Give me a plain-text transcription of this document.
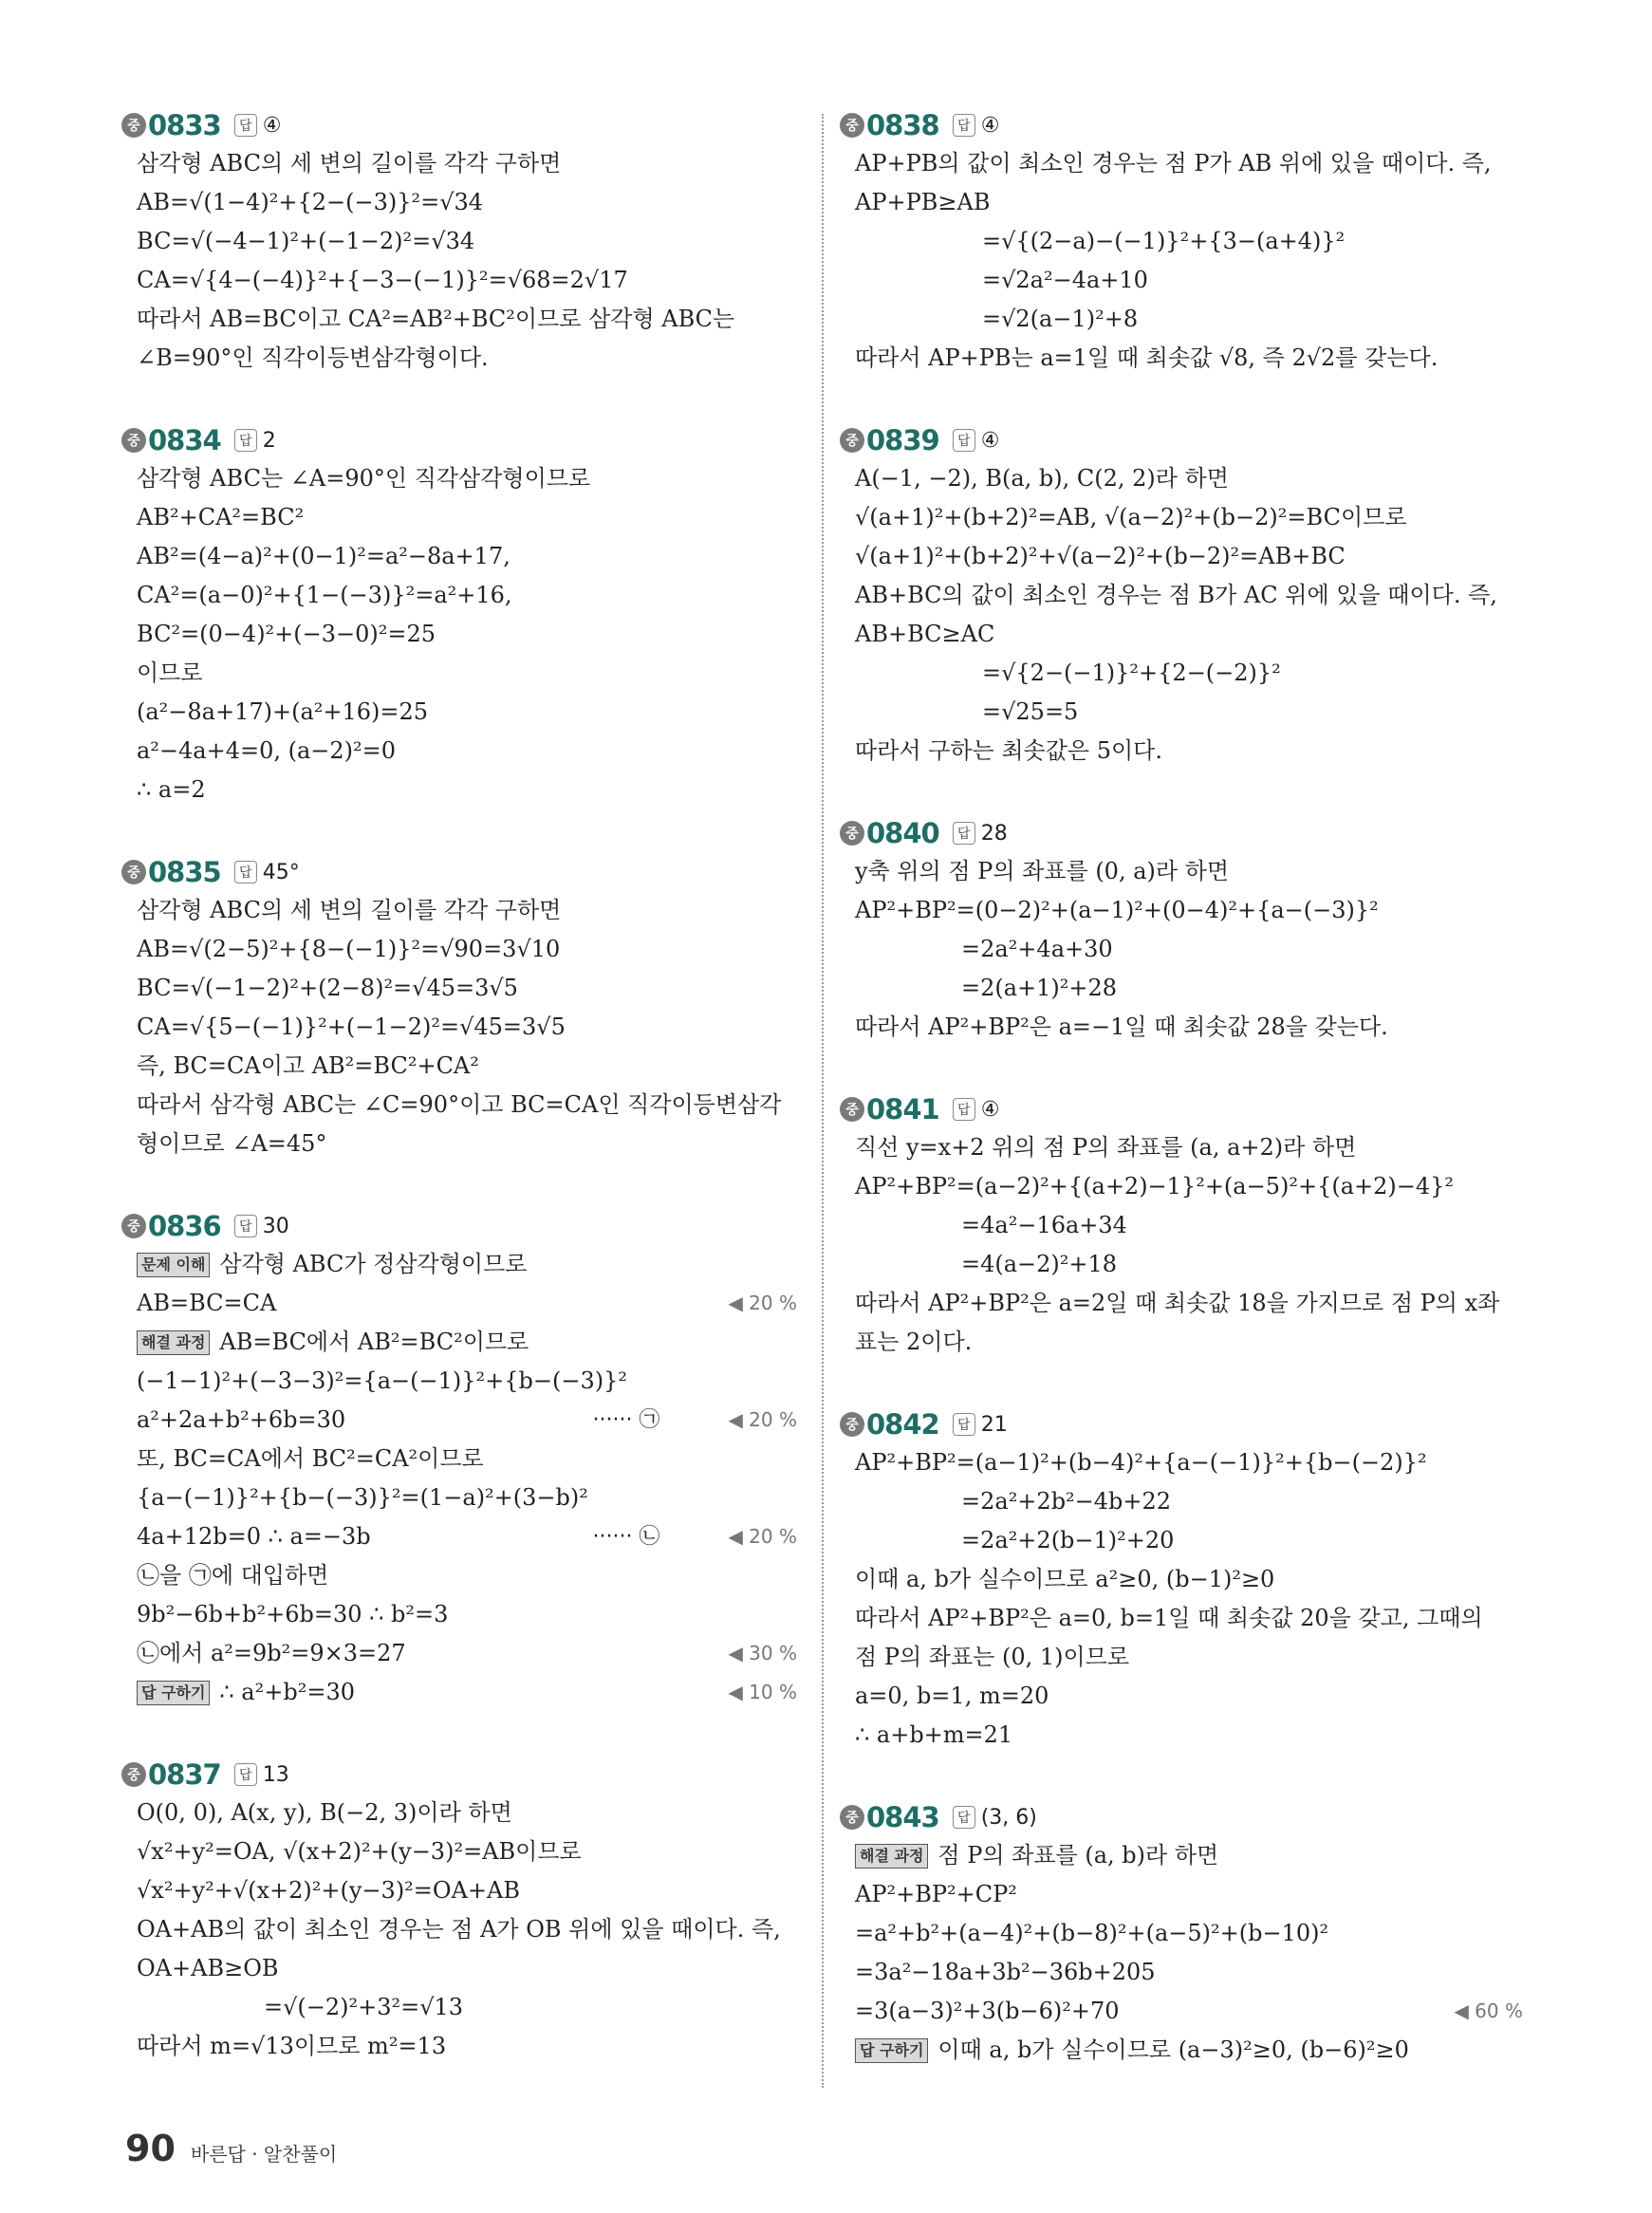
중 0833	답 ④
삼각형 ABC의 세 변의 길이를 각각 구하면
AB=√(1−4)²+{2−(−3)}²=√34
BC=√(−4−1)²+(−1−2)²=√34
CA=√{4−(−4)}²+{−3−(−1)}²=√68=2√17
따라서 AB=BC이고 CA²=AB²+BC²이므로 삼각형 ABC는
∠B=90°인 직각이등변삼각형이다.
중 0834	답 2
삼각형 ABC는 ∠A=90°인 직각삼각형이므로
AB²+CA²=BC²
AB²=(4−a)²+(0−1)²=a²−8a+17,
CA²=(a−0)²+{1−(−3)}²=a²+16,
BC²=(0−4)²+(−3−0)²=25
이므로
(a²−8a+17)+(a²+16)=25
a²−4a+4=0, (a−2)²=0
∴ a=2
중 0835	답 45°
삼각형 ABC의 세 변의 길이를 각각 구하면
AB=√(2−5)²+{8−(−1)}²=√90=3√10
BC=√(−1−2)²+(2−8)²=√45=3√5
CA=√{5−(−1)}²+(−1−2)²=√45=3√5
즉, BC=CA이고 AB²=BC²+CA²
따라서 삼각형 ABC는 ∠C=90°이고 BC=CA인 직각이등변삼각
형이므로 ∠A=45°
중 0836	답 30
문제 이해 삼각형 ABC가 정삼각형이므로
AB=BC=CA	◀ 20 %
해결 과정 AB=BC에서 AB²=BC²이므로
(−1−1)²+(−3−3)²={a−(−1)}²+{b−(−3)}²
a²+2a+b²+6b=30	······ ㉠	◀ 20 %
또, BC=CA에서 BC²=CA²이므로
{a−(−1)}²+{b−(−3)}²=(1−a)²+(3−b)²
4a+12b=0 ∴ a=−3b	······ ㉡	◀ 20 %
㉡을 ㉠에 대입하면
9b²−6b+b²+6b=30 ∴ b²=3
㉡에서 a²=9b²=9×3=27	◀ 30 %
답 구하기 ∴ a²+b²=30	◀ 10 %
중 0837	답 13
O(0, 0), A(x, y), B(−2, 3)이라 하면
√x²+y²=OA, √(x+2)²+(y−3)²=AB이므로
√x²+y²+√(x+2)²+(y−3)²=OA+AB
OA+AB의 값이 최소인 경우는 점 A가 OB 위에 있을 때이다. 즉,
OA+AB≥OB
=√(−2)²+3²=√13
따라서 m=√13이므로 m²=13
중 0838	답 ④
AP+PB의 값이 최소인 경우는 점 P가 AB 위에 있을 때이다. 즉,
AP+PB≥AB
=√{(2−a)−(−1)}²+{3−(a+4)}²
=√2a²−4a+10
=√2(a−1)²+8
따라서 AP+PB는 a=1일 때 최솟값 √8, 즉 2√2를 갖는다.
중 0839	답 ④
A(−1, −2), B(a, b), C(2, 2)라 하면
√(a+1)²+(b+2)²=AB, √(a−2)²+(b−2)²=BC이므로
√(a+1)²+(b+2)²+√(a−2)²+(b−2)²=AB+BC
AB+BC의 값이 최소인 경우는 점 B가 AC 위에 있을 때이다. 즉,
AB+BC≥AC
=√{2−(−1)}²+{2−(−2)}²
=√25=5
따라서 구하는 최솟값은 5이다.
중 0840	답 28
y축 위의 점 P의 좌표를 (0, a)라 하면
AP²+BP²=(0−2)²+(a−1)²+(0−4)²+{a−(−3)}²
=2a²+4a+30
=2(a+1)²+28
따라서 AP²+BP²은 a=−1일 때 최솟값 28을 갖는다.
중 0841	답 ④
직선 y=x+2 위의 점 P의 좌표를 (a, a+2)라 하면
AP²+BP²=(a−2)²+{(a+2)−1}²+(a−5)²+{(a+2)−4}²
=4a²−16a+34
=4(a−2)²+18
따라서 AP²+BP²은 a=2일 때 최솟값 18을 가지므로 점 P의 x좌
표는 2이다.
중 0842	답 21
AP²+BP²=(a−1)²+(b−4)²+{a−(−1)}²+{b−(−2)}²
=2a²+2b²−4b+22
=2a²+2(b−1)²+20
이때 a, b가 실수이므로 a²≥0, (b−1)²≥0
따라서 AP²+BP²은 a=0, b=1일 때 최솟값 20을 갖고, 그때의
점 P의 좌표는 (0, 1)이므로
a=0, b=1, m=20
∴ a+b+m=21
중 0843	답 (3, 6)
해결 과정 점 P의 좌표를 (a, b)라 하면
AP²+BP²+CP²
=a²+b²+(a−4)²+(b−8)²+(a−5)²+(b−10)²
=3a²−18a+3b²−36b+205
=3(a−3)²+3(b−6)²+70	◀ 60 %
답 구하기 이때 a, b가 실수이므로 (a−3)²≥0, (b−6)²≥0
90 바른답 · 알찬풀이
